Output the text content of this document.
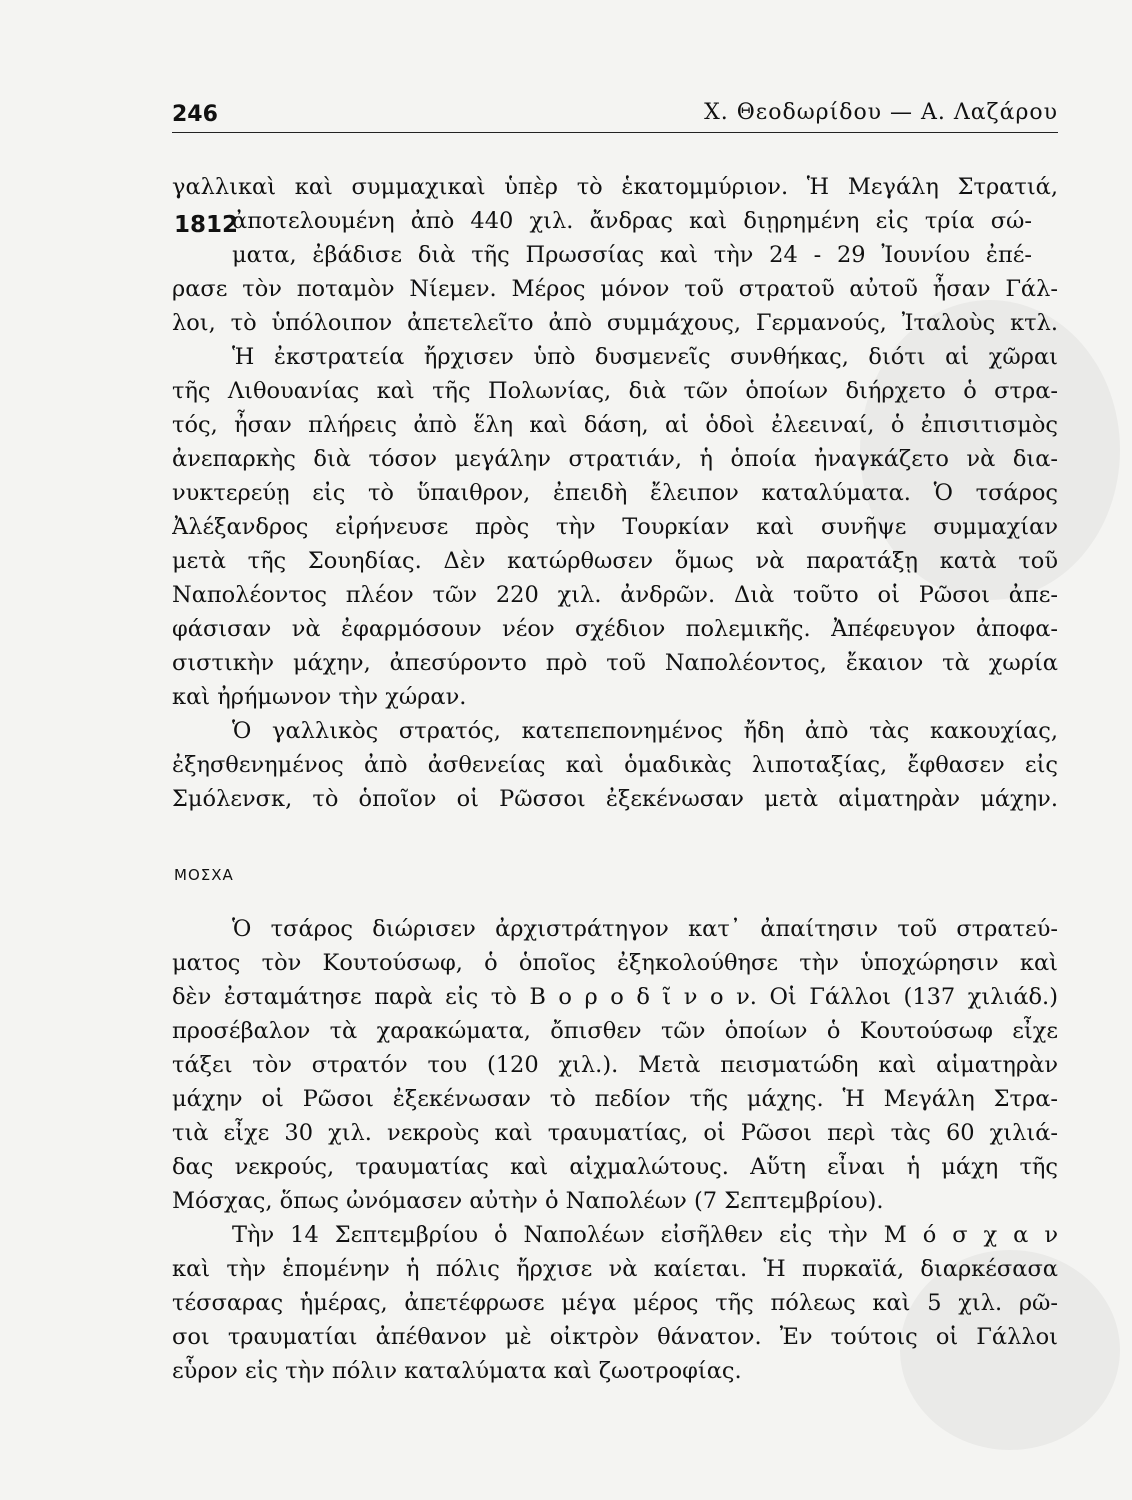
246	Χ. Θεοδωρίδου — Α. Λαζάρου
1812
ΜΟΣΧΑ
γαλλικαὶ καὶ συμμαχικαὶ ὑπὲρ τὸ ἑκατομμύριον. Ἡ Μεγάλη Στρατιά,
ἀποτελουμένη ἀπὸ 440 χιλ. ἄνδρας καὶ διῃρημένη εἰς τρία σώ-
ματα, ἐβάδισε διὰ τῆς Πρωσσίας καὶ τὴν 24 - 29 Ἰουνίου ἐπέ-
ρασε τὸν ποταμὸν Νίεμεν. Μέρος μόνον τοῦ στρατοῦ αὐτοῦ ἦσαν Γάλ-
λοι, τὸ ὑπόλοιπον ἀπετελεῖτο ἀπὸ συμμάχους, Γερμανούς, Ἰταλοὺς κτλ.
Ἡ ἐκστρατεία ἤρχισεν ὑπὸ δυσμενεῖς συνθήκας, διότι αἱ χῶραι
τῆς Λιθουανίας καὶ τῆς Πολωνίας, διὰ τῶν ὁποίων διήρχετο ὁ στρα-
τός, ἦσαν πλήρεις ἀπὸ ἕλη καὶ δάση, αἱ ὁδοὶ ἐλεειναί, ὁ ἐπισιτισμὸς
ἀνεπαρκὴς διὰ τόσον μεγάλην στρατιάν, ἡ ὁποία ἠναγκάζετο νὰ δια-
νυκτερεύῃ εἰς τὸ ὕπαιθρον, ἐπειδὴ ἔλειπον καταλύματα. Ὁ τσάρος
Ἀλέξανδρος εἰρήνευσε πρὸς τὴν Τουρκίαν καὶ συνῆψε συμμαχίαν
μετὰ τῆς Σουηδίας. Δὲν κατώρθωσεν ὅμως νὰ παρατάξῃ κατὰ τοῦ
Ναπολέοντος πλέον τῶν 220 χιλ. ἀνδρῶν. Διὰ τοῦτο οἱ Ρῶσοι ἀπε-
φάσισαν νὰ ἐφαρμόσουν νέον σχέδιον πολεμικῆς. Ἀπέφευγον ἀποφα-
σιστικὴν μάχην, ἀπεσύροντο πρὸ τοῦ Ναπολέοντος, ἔκαιον τὰ χωρία
καὶ ἠρήμωνον τὴν χώραν.
Ὁ γαλλικὸς στρατός, κατεπεπονημένος ἤδη ἀπὸ τὰς κακουχίας,
ἐξησθενημένος ἀπὸ ἀσθενείας καὶ ὁμαδικὰς λιποταξίας, ἔφθασεν εἰς
Σμόλενσκ, τὸ ὁποῖον οἱ Ρῶσσοι ἐξεκένωσαν μετὰ αἱματηρὰν μάχην.
Ὁ τσάρος διώρισεν ἀρχιστράτηγον κατ᾽ ἀπαίτησιν τοῦ στρατεύ-
ματος τὸν Κουτούσωφ, ὁ ὁποῖος ἐξηκολούθησε τὴν ὑποχώρησιν καὶ
δὲν ἐσταμάτησε παρὰ εἰς τὸ Β ο ρ ο δ ῖ ν ο ν. Οἱ Γάλλοι (137 χιλιάδ.)
προσέβαλον τὰ χαρακώματα, ὄπισθεν τῶν ὁποίων ὁ Κουτούσωφ εἶχε
τάξει τὸν στρατόν του (120 χιλ.). Μετὰ πεισματώδη καὶ αἱματηρὰν
μάχην οἱ Ρῶσοι ἐξεκένωσαν τὸ πεδίον τῆς μάχης. Ἡ Μεγάλη Στρα-
τιὰ εἶχε 30 χιλ. νεκροὺς καὶ τραυματίας, οἱ Ρῶσοι περὶ τὰς 60 χιλιά-
δας νεκρούς, τραυματίας καὶ αἰχμαλώτους. Αὕτη εἶναι ἡ μάχη τῆς
Μόσχας, ὅπως ὠνόμασεν αὐτὴν ὁ Ναπολέων (7 Σεπτεμβρίου).
Τὴν 14 Σεπτεμβρίου ὁ Ναπολέων εἰσῆλθεν εἰς τὴν Μ ό σ χ α ν
καὶ τὴν ἑπομένην ἡ πόλις ἤρχισε νὰ καίεται. Ἡ πυρκαϊά, διαρκέσασα
τέσσαρας ἡμέρας, ἀπετέφρωσε μέγα μέρος τῆς πόλεως καὶ 5 χιλ. ρῶ-
σοι τραυματίαι ἀπέθανον μὲ οἰκτρὸν θάνατον. Ἐν τούτοις οἱ Γάλλοι
εὗρον εἰς τὴν πόλιν καταλύματα καὶ ζωοτροφίας.
